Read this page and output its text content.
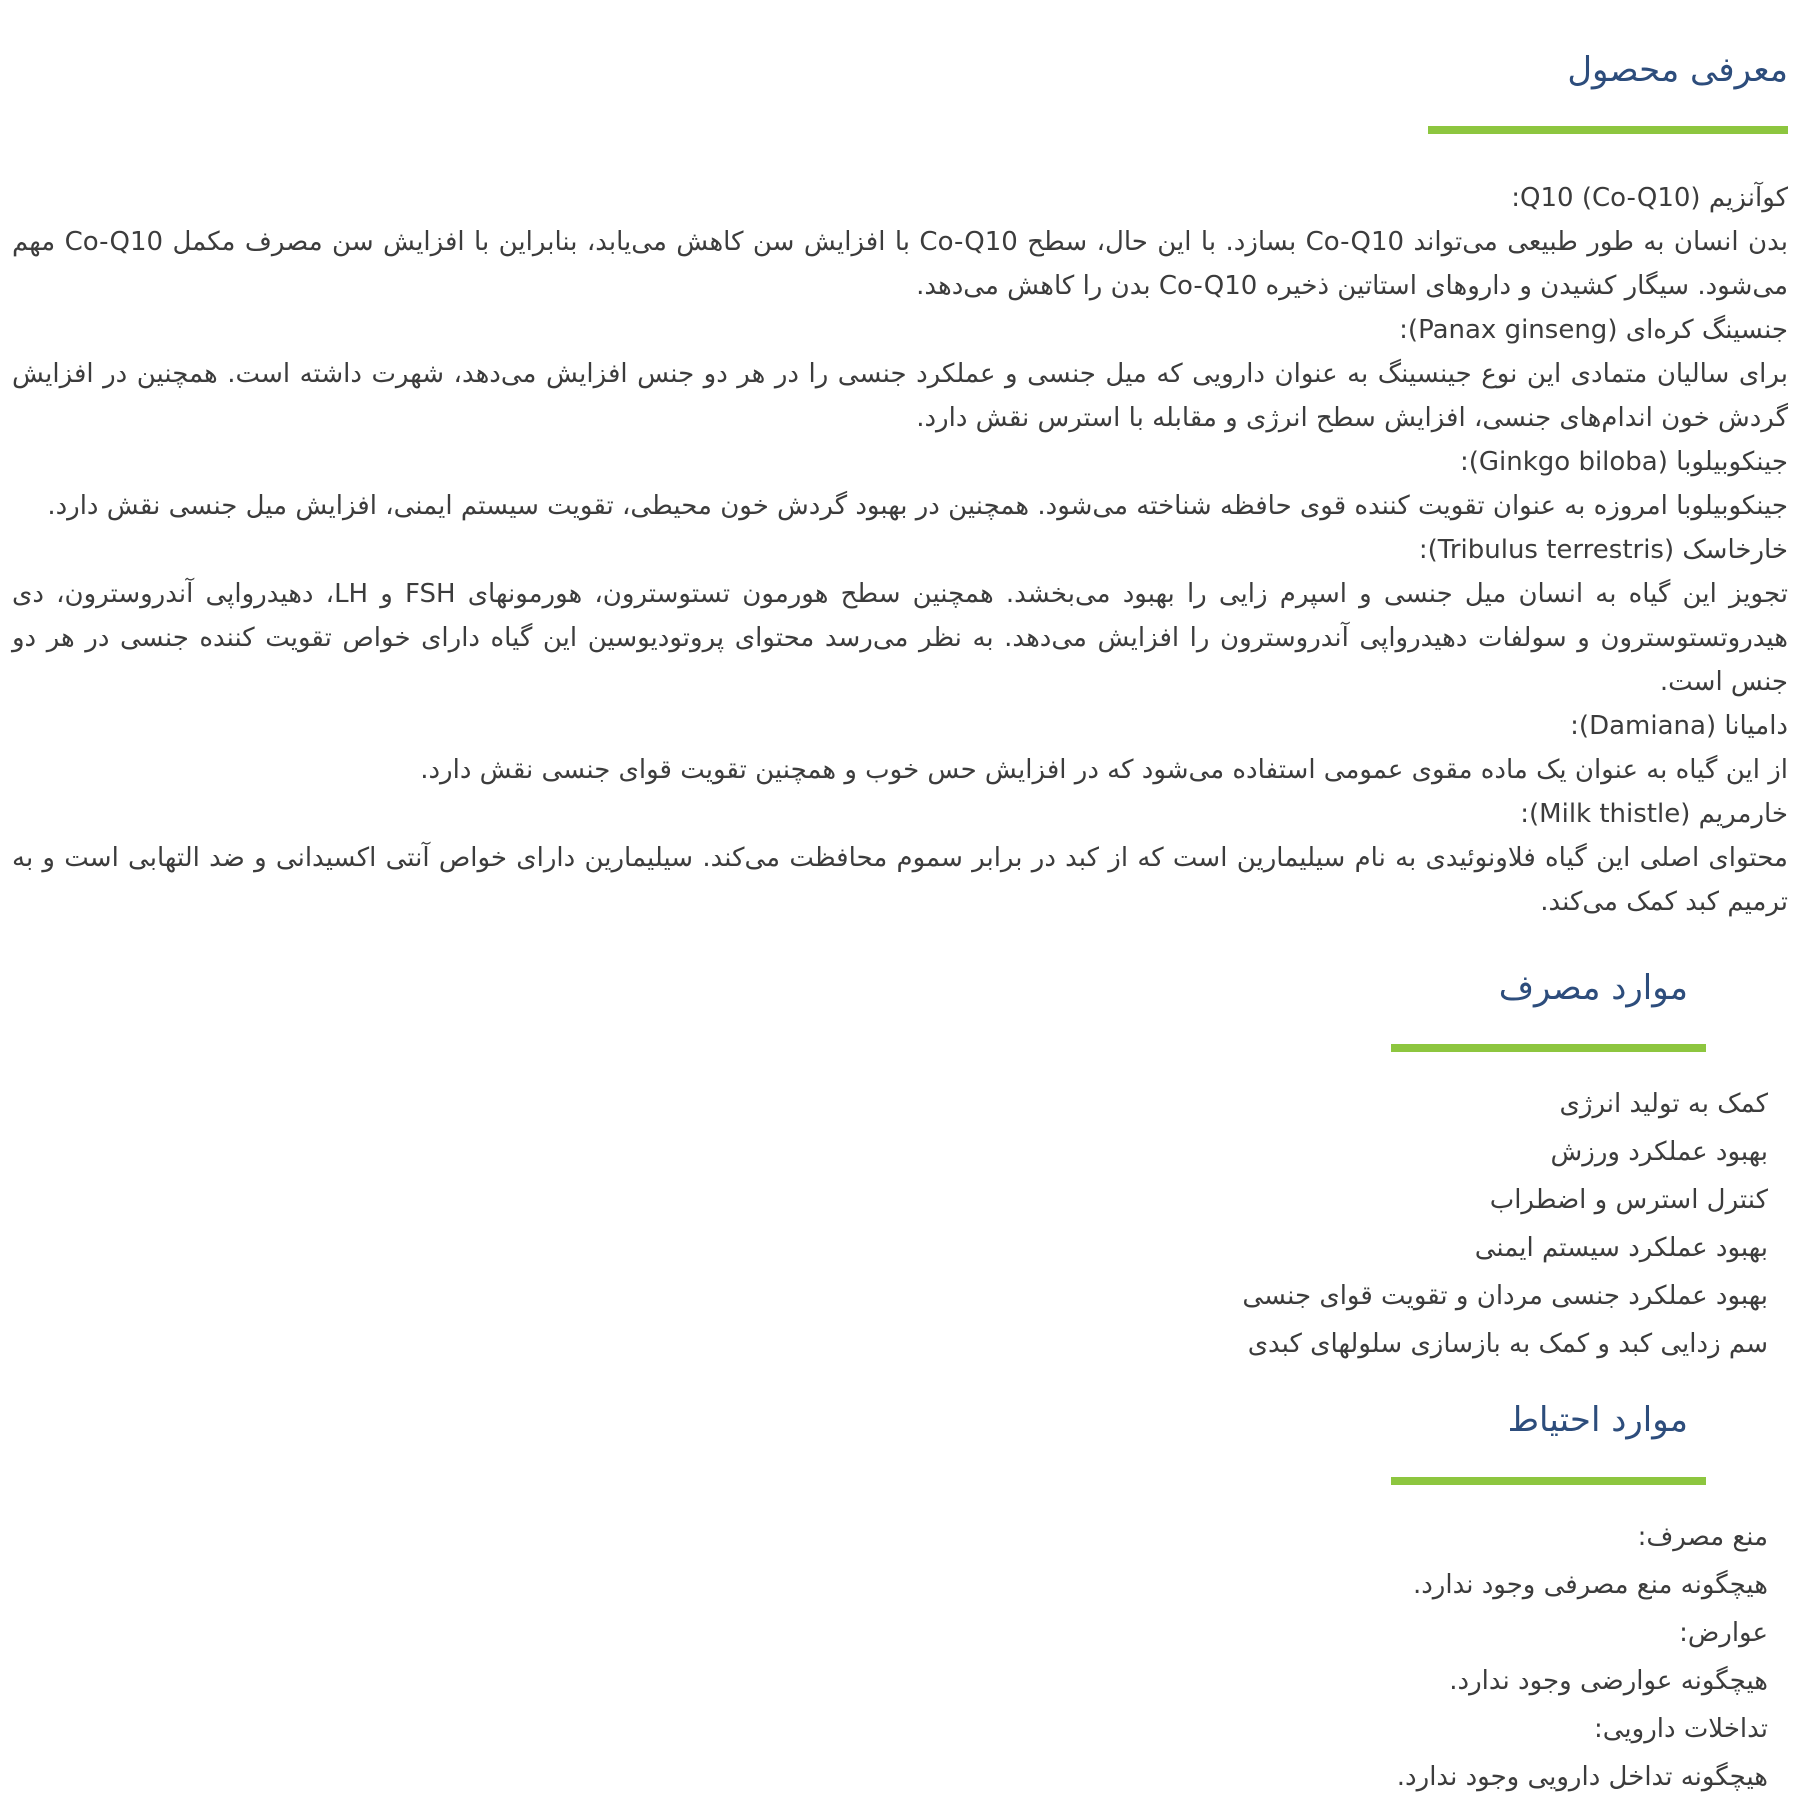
معرفی محصول

کوآنزیم Q10 (Co-Q10):

بدن انسان به طور طبیعی می‌تواند Co-Q10 بسازد. با این حال، سطح Co-Q10 با افزایش سن کاهش می‌یابد، بنابراین با افزایش سن مصرف مکمل Co-Q10 مهم می‌شود. سیگار کشیدن و داروهای استاتین ذخیره Co-Q10 بدن را کاهش می‌دهد.

جنسینگ کره‌ای (Panax ginseng):

برای سالیان متمادی این نوع جینسینگ به عنوان دارویی که میل جنسی و عملکرد جنسی را در هر دو جنس افزایش می‌دهد، شهرت داشته است. همچنین در افزایش گردش خون اندام‌های جنسی، افزایش سطح انرژی و مقابله با استرس نقش دارد.

جینکوبیلوبا (Ginkgo biloba):

جینکوبیلوبا امروزه به عنوان تقویت کننده قوی حافظه شناخته می‌شود. همچنین در بهبود گردش خون محیطی، تقویت سیستم ایمنی، افزایش میل جنسی نقش دارد.

خارخاسک (Tribulus terrestris):

تجویز این گیاه به انسان میل جنسی و اسپرم زایی را بهبود می‌بخشد. همچنین سطح هورمون تستوسترون، هورمونهای FSH و LH، دهیدرواپی آندروسترون، دی هیدروتستوسترون و سولفات دهیدرواپی آندروسترون را افزایش می‌دهد. به نظر می‌رسد محتوای پروتودیوسین این گیاه دارای خواص تقویت کننده جنسی در هر دو جنس است.

دامیانا (Damiana):

از این گیاه به عنوان یک ماده مقوی عمومی استفاده می‌شود که در افزایش حس خوب و همچنین تقویت قوای جنسی نقش دارد.

خارمریم (Milk thistle):

محتوای اصلی این گیاه فلاونوئیدی به نام سیلیمارین است که از کبد در برابر سموم محافظت می‌کند. سیلیمارین دارای خواص آنتی اکسیدانی و ضد التهابی است و به ترمیم کبد کمک می‌کند.

موارد مصرف

کمک به تولید انرژی

بهبود عملکرد ورزش

کنترل استرس و اضطراب

بهبود عملکرد سیستم ایمنی

بهبود عملکرد جنسی مردان و تقویت قوای جنسی

سم زدایی کبد و کمک به بازسازی سلولهای کبدی

موارد احتیاط

منع مصرف:

هیچگونه منع مصرفی وجود ندارد.

عوارض:

هیچگونه عوارضی وجود ندارد.

تداخلات دارویی:

هیچگونه تداخل دارویی وجود ندارد.
